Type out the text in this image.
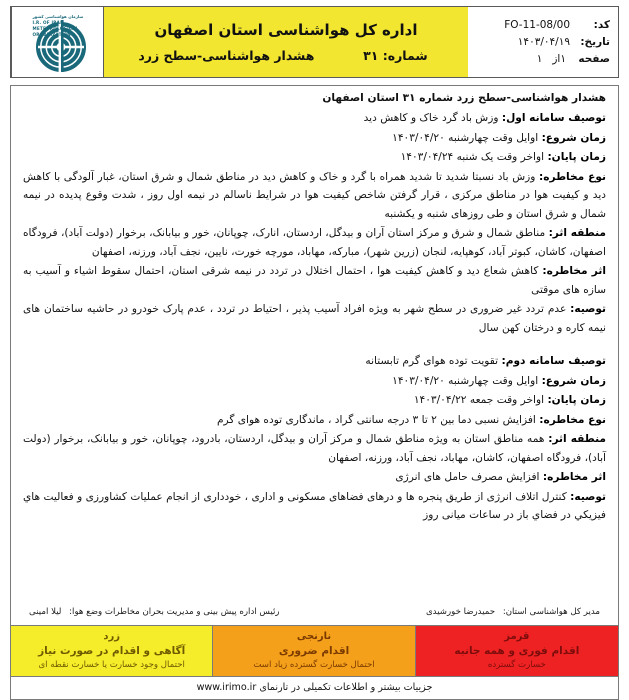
سازمان هواشناسی کشور
I.R. OF IRAN
METEOROLOGICAL
ORGANIZATION	اداره کل هواشناسی استان اصفهان
شماره: ۳۱
هشدار هواشناسی-سطح زرد
کد:
FO-11-08/00
تاریخ:
۱۴۰۳/۰۴/۱۹
صفحه
۱
از
۱
هشدار هواشناسی-سطح زرد شماره ۳۱ استان اصفهان
توصیف سامانه اول: وزش باد گرد خاک و کاهش دید
زمان شروع: اوایل وقت چهارشنبه ۱۴۰۳/۰۴/۲۰
زمان پایان: اواخر وقت یک شنبه ۱۴۰۳/۰۴/۲۴
نوع مخاطره: وزش باد نسبتا شدید تا شدید همراه با گرد و خاک و کاهش دید در مناطق شمال و شرق استان، غبار آلودگی با کاهش دید و کیفیت هوا در مناطق مرکزی ، قرار گرفتن شاخص کیفیت هوا در شرایط ناسالم در نیمه اول روز ، شدت وقوع پدیده در نیمه شمال و شرق استان و طی روزهای شنبه و یکشنبه
منطقه اثر: مناطق شمال و شرق و مرکز استان آران و بیدگل، اردستان، انارک، چوپانان، خور و بیابانک، برخوار (دولت آباد)، فرودگاه اصفهان، کاشان، کبوتر آباد، کوهپایه، لنجان (زرین شهر)، مبارکه، مهاباد، مورچه خورت، نایین، نجف آباد، ورزنه، اصفهان
اثر مخاطره: کاهش شعاع دید و کاهش کیفیت هوا ، احتمال اختلال در تردد در نیمه شرقی استان، احتمال سقوط اشیاء و آسیب به سازه های موقتی
توصیه: عدم تردد غیر ضروری در سطح شهر به ویژه افراد آسیب پذیر ، احتیاط در تردد ، عدم پارک خودرو در حاشیه ساختمان های نیمه کاره و درختان کهن سال
توصیف سامانه دوم: تقویت توده هوای گرم تابستانه
زمان شروع: اوایل وقت چهارشنبه ۱۴۰۳/۰۴/۲۰
زمان پایان: اواخر وقت جمعه ۱۴۰۳/۰۴/۲۲
نوع مخاطره: افزایش نسبی دما بین ۲ تا ۳ درجه سانتی گراد ، ماندگاری توده هوای گرم
منطقه اثر: همه مناطق استان به ویژه مناطق شمال و مرکز آران و بیدگل، اردستان، بادرود، چوپانان، خور و بیابانک، برخوار (دولت آباد)، فرودگاه اصفهان، کاشان، مهاباد، نجف آباد، ورزنه، اصفهان
اثر مخاطره: افزایش مصرف حامل های انرژی
توصیه: کنترل اتلاف انرژی از طریق پنجره ها و درهای فضاهای مسکونی و اداری ، خودداری از انجام عملیات کشاورزی و فعالیت هاي فیزیکي در فضاي باز در ساعات میانی روز
مدیر کل هواشناسی استان: حمیدرضا خورشیدی
رئیس اداره پیش بینی و مدیریت بحران مخاطرات وضع هوا: لیلا امینی
قرمز
اقدام فوری و همه جانبه
خسارت گسترده
نارنجی
اقدام ضروری
احتمال خسارت گسترده زیاد است
زرد
آگاهی و اقدام در صورت نیاز
احتمال وجود خسارت یا خسارت نقطه ای
جزییات بیشتر و اطلاعات تکمیلی در تارنمای www.irimo.ir
